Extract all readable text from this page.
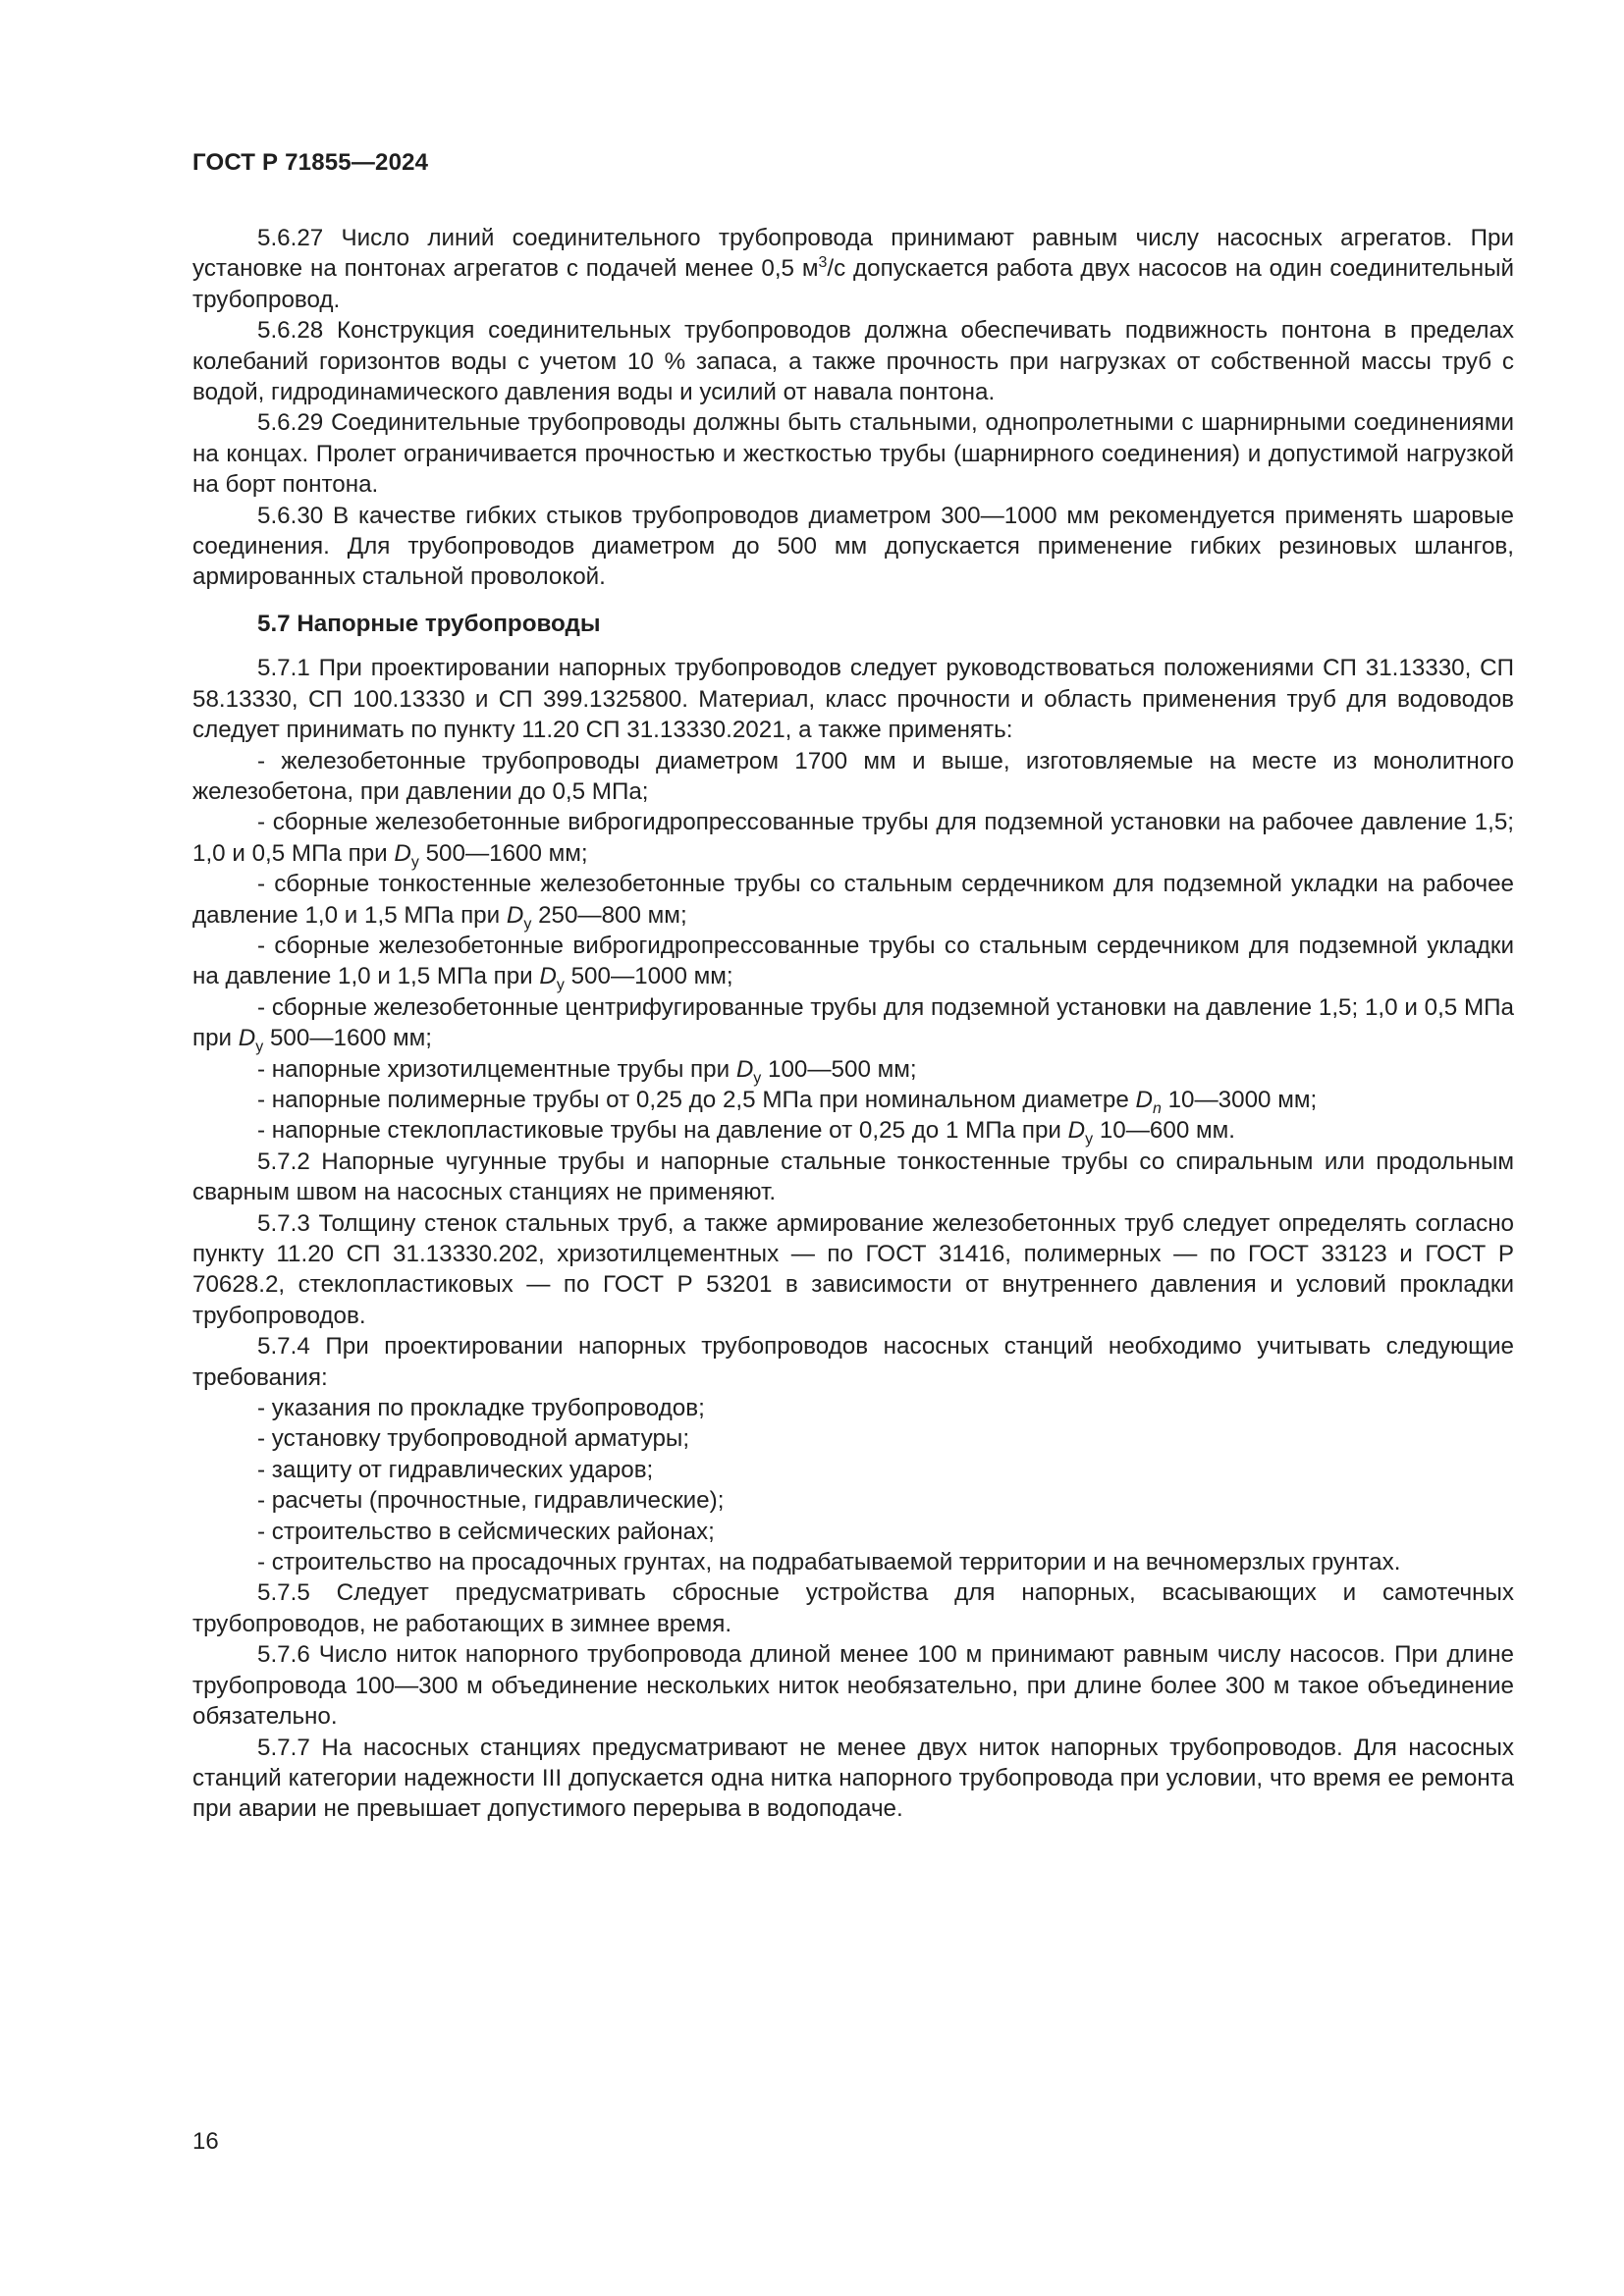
ГОСТ Р 71855—2024

5.6.27 Число линий соединительного трубопровода принимают равным числу насосных агрегатов. При установке на понтонах агрегатов с подачей менее 0,5 $м^3/с$ допускается работа двух насосов на один соединительный трубопровод.

5.6.28 Конструкция соединительных трубопроводов должна обеспечивать подвижность понтона в пределах колебаний горизонтов воды с учетом 10 % запаса, а также прочность при нагрузках от собственной массы труб с водой, гидродинамического давления воды и усилий от навала понтона.

5.6.29 Соединительные трубопроводы должны быть стальными, однопролетными с шарнирными соединениями на концах. Пролет ограничивается прочностью и жесткостью трубы (шарнирного соединения) и допустимой нагрузкой на борт понтона.

5.6.30 В качестве гибких стыков трубопроводов диаметром 300—1000 мм рекомендуется применять шаровые соединения. Для трубопроводов диаметром до 500 мм допускается применение гибких резиновых шлангов, армированных стальной проволокой.

5.7 Напорные трубопроводы

5.7.1 При проектировании напорных трубопроводов следует руководствоваться положениями СП 31.13330, СП 58.13330, СП 100.13330 и СП 399.1325800. Материал, класс прочности и область применения труб для водоводов следует принимать по пункту 11.20 СП 31.13330.2021, а также применять:

- железобетонные трубопроводы диаметром 1700 мм и выше, изготовляемые на месте из монолитного железобетона, при давлении до 0,5 МПа;

- сборные железобетонные виброгидропрессованные трубы для подземной установки на рабочее давление 1,5; 1,0 и 0,5 МПа при $D_у$ 500—1600 мм;

- сборные тонкостенные железобетонные трубы со стальным сердечником для подземной укладки на рабочее давление 1,0 и 1,5 МПа при $D_у$ 250—800 мм;

- сборные железобетонные виброгидропрессованные трубы со стальным сердечником для подземной укладки на давление 1,0 и 1,5 МПа при $D_у$ 500—1000 мм;

- сборные железобетонные центрифугированные трубы для подземной установки на давление 1,5; 1,0 и 0,5 МПа при $D_у$ 500—1600 мм;

- напорные хризотилцементные трубы при $D_у$ 100—500 мм;

- напорные полимерные трубы от 0,25 до 2,5 МПа при номинальном диаметре $D_n$ 10—3000 мм;

- напорные стеклопластиковые трубы на давление от 0,25 до 1 МПа при $D_у$ 10—600 мм.

5.7.2 Напорные чугунные трубы и напорные стальные тонкостенные трубы со спиральным или продольным сварным швом на насосных станциях не применяют.

5.7.3 Толщину стенок стальных труб, а также армирование железобетонных труб следует определять согласно пункту 11.20 СП 31.13330.202, хризотилцементных — по ГОСТ 31416, полимерных — по ГОСТ 33123 и ГОСТ Р 70628.2, стеклопластиковых — по ГОСТ Р 53201 в зависимости от внутреннего давления и условий прокладки трубопроводов.

5.7.4 При проектировании напорных трубопроводов насосных станций необходимо учитывать следующие требования:

- указания по прокладке трубопроводов;

- установку трубопроводной арматуры;

- защиту от гидравлических ударов;

- расчеты (прочностные, гидравлические);

- строительство в сейсмических районах;

- строительство на просадочных грунтах, на подрабатываемой территории и на вечномерзлых грунтах.

5.7.5 Следует предусматривать сбросные устройства для напорных, всасывающих и самотечных трубопроводов, не работающих в зимнее время.

5.7.6 Число ниток напорного трубопровода длиной менее 100 м принимают равным числу насосов. При длине трубопровода 100—300 м объединение нескольких ниток необязательно, при длине более 300 м такое объединение обязательно.

5.7.7 На насосных станциях предусматривают не менее двух ниток напорных трубопроводов. Для насосных станций категории надежности III допускается одна нитка напорного трубопровода при условии, что время ее ремонта при аварии не превышает допустимого перерыва в водоподаче.

16
